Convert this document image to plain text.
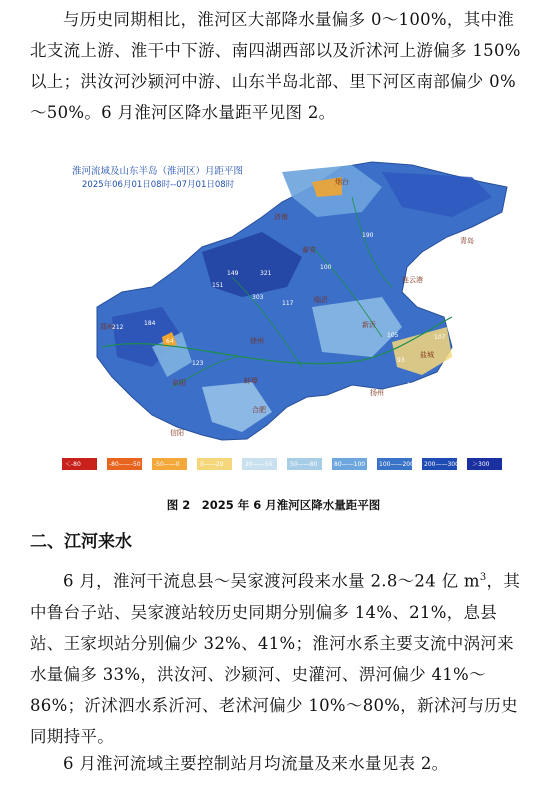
与历史同期相比，淮河区大部降水量偏多 0～100%，其中淮北支流上游、淮干中下游、南四湖西部以及沂沭河上游偏多 150%以上；洪汝河沙颍河中游、山东半岛北部、里下河区南部偏少 0%～50%。6 月淮河区降水量距平见图 2。

淮河流域及山东半岛（淮河区）月距平图
2025年06月01日08时--07月01日08时	烟台
青岛
济南
临沂
徐州
连云港
盐城
扬州
合肥
蚌埠
阜阳
郑州
信阳
泰安
新沂
321
149
117
100
212
184
105
93
190
151
64
107
29
303
123
160
＜-80	-80——-50 -50——0	0——20	20——50	50——80	80——100 100——200 200——300 ＞300
图 2　2025 年 6 月淮河区降水量距平图
二、江河来水

6 月，淮河干流息县～吴家渡河段来水量 2.8～24 亿 $m^3$，其中鲁台子站、吴家渡站较历史同期分别偏多 14%、21%，息县站、王家坝站分别偏少 32%、41%；淮河水系主要支流中涡河来水量偏多 33%，洪汝河、沙颍河、史灌河、淠河偏少 41%～86%；沂沭泗水系沂河、老沭河偏少 10%～80%，新沭河与历史同期持平。

6 月淮河流域主要控制站月均流量及来水量见表 2。
